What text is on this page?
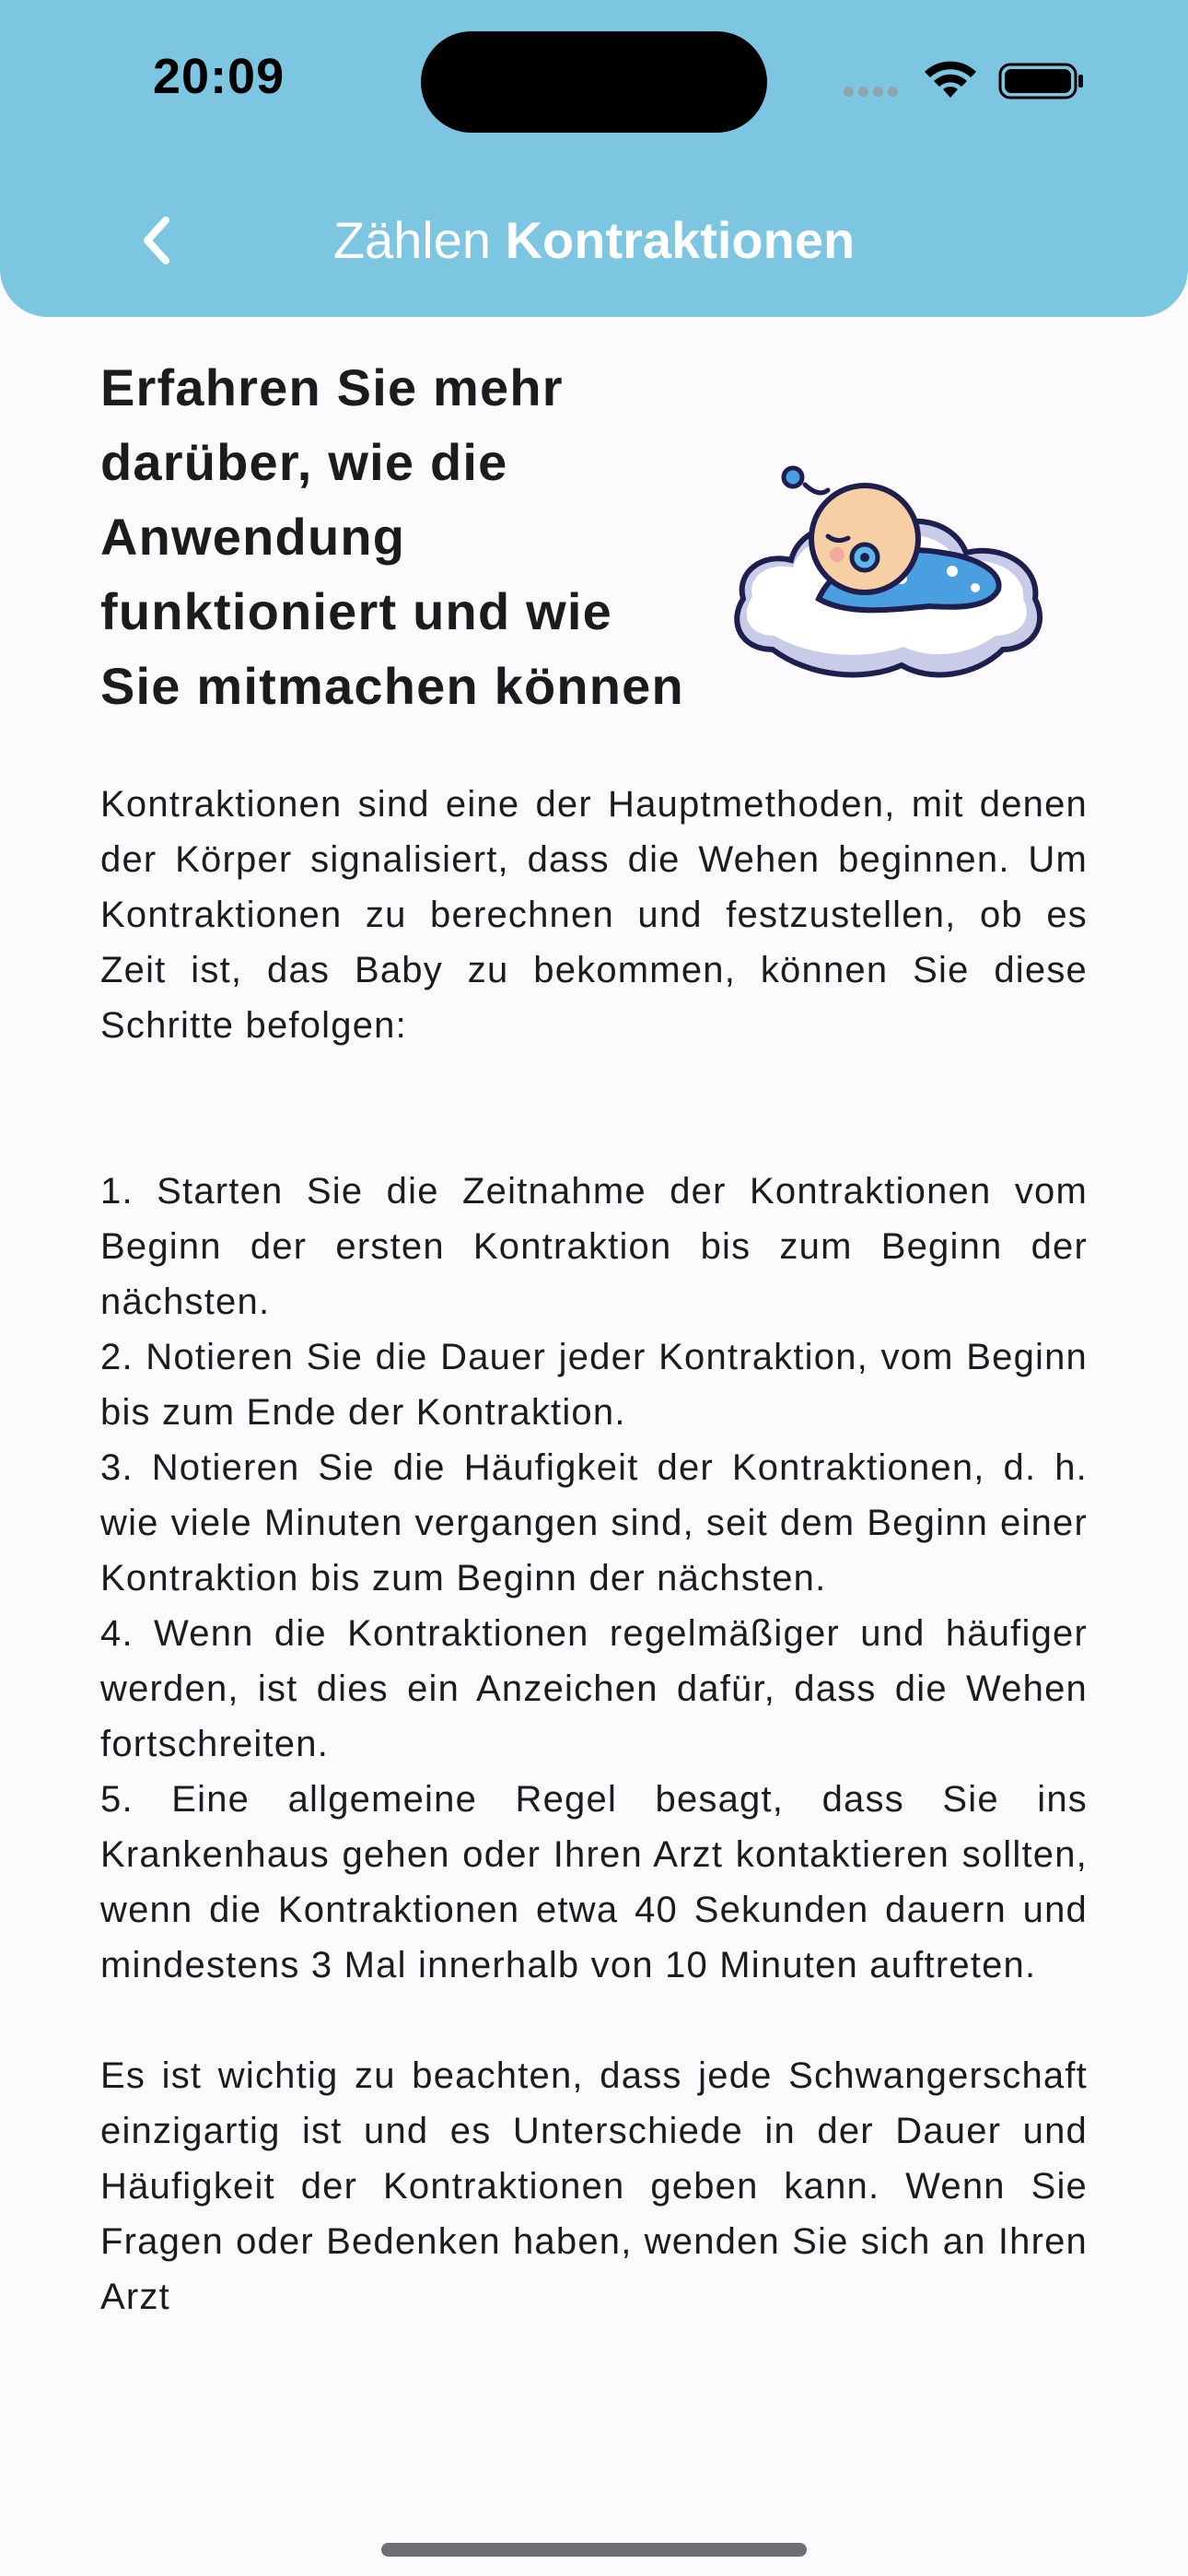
20:09
Zählen Kontraktionen
Erfahren Sie mehr darüber, wie die Anwendung funktioniert und wie Sie mitmachen können

Kontraktionen sind eine der Hauptmethoden, mit denen der Körper signalisiert, dass die Wehen beginnen. Um Kontraktionen zu berechnen und festzustellen, ob es Zeit ist, das Baby zu bekommen, können Sie diese Schritte befolgen:

1. Starten Sie die Zeitnahme der Kontraktionen vom Beginn der ersten Kontraktion bis zum Beginn der nächsten.

2. Notieren Sie die Dauer jeder Kontraktion, vom Beginn bis zum Ende der Kontraktion.

3. Notieren Sie die Häufigkeit der Kontraktionen, d. h. wie viele Minuten vergangen sind, seit dem Beginn einer Kontraktion bis zum Beginn der nächsten.

4. Wenn die Kontraktionen regelmäßiger und häufiger werden, ist dies ein Anzeichen dafür, dass die Wehen fortschreiten.

5. Eine allgemeine Regel besagt, dass Sie ins Krankenhaus gehen oder Ihren Arzt kontaktieren sollten, wenn die Kontraktionen etwa 40 Sekunden dauern und mindestens 3 Mal innerhalb von 10 Minuten auftreten.

Es ist wichtig zu beachten, dass jede Schwangerschaft einzigartig ist und es Unterschiede in der Dauer und Häufigkeit der Kontraktionen geben kann. Wenn Sie Fragen oder Bedenken haben, wenden Sie sich an Ihren Arzt
